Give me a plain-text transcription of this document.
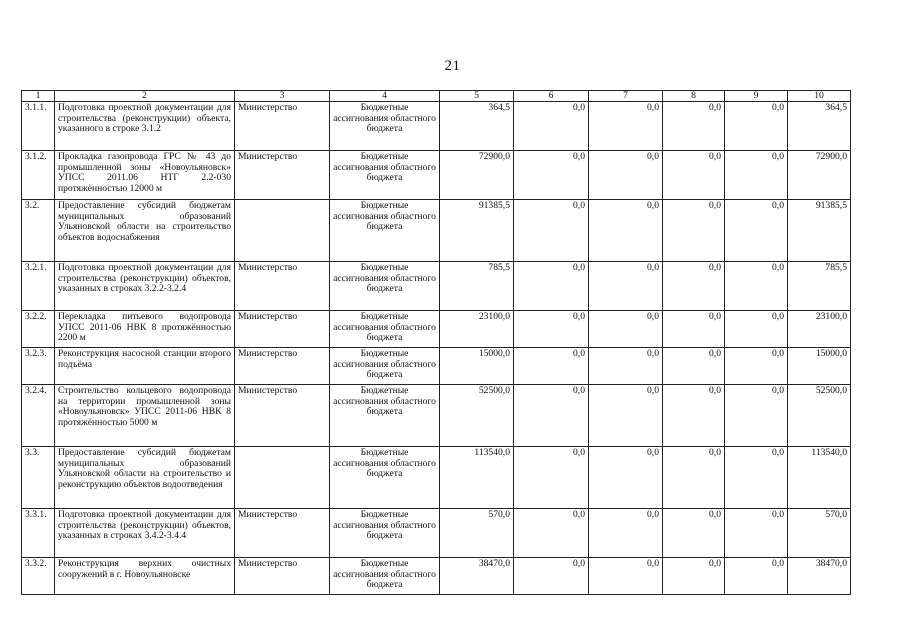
21
1	2	3	4	5	6	7	8	9	10
3.1.1.	Подготовка проектной документации для строительства (реконструкции) объекта, указанного в строке 3.1.2	Министерство	Бюджетные ассигнования областного бюджета	364,5	0,0	0,0	0,0	0,0	364,5
3.1.2.	Прокладка газопровода ГРС № 43 до промышленной зоны «Новоульяновск» УПСС 2011.06 НТГ 2.2-030 протяжённостью 12000 м	Министерство	Бюджетные ассигнования областного бюджета	72900,0	0,0	0,0	0,0	0,0	72900,0
3.2.	Предоставление субсидий бюджетам муниципальных образований Ульяновской области на строительство объектов водоснабжения		Бюджетные ассигнования областного бюджета	91385,5	0,0	0,0	0,0	0,0	91385,5
3.2.1.	Подготовка проектной документации для строительства (реконструкции) объектов, указанных в строках 3.2.2-3.2.4	Министерство	Бюджетные ассигнования областного бюджета	785,5	0,0	0,0	0,0	0,0	785,5
3.2.2.	Перекладка питьевого водопровода УПСС 2011-06 НВК 8 протяжённостью 2200 м	Министерство	Бюджетные ассигнования областного бюджета	23100,0	0,0	0,0	0,0	0,0	23100,0
3.2.3.	Реконструкция насосной станции второго подъёма	Министерство	Бюджетные ассигнования областного бюджета	15000,0	0,0	0,0	0,0	0,0	15000,0
3.2.4.	Строительство кольцевого водопровода на территории промышленной зоны «Новоульяновск» УПСС 2011-06 НВК 8 протяжённостью 5000 м	Министерство	Бюджетные ассигнования областного бюджета	52500,0	0,0	0,0	0,0	0,0	52500,0
3.3.	Предоставление субсидий бюджетам муниципальных образований Ульяновской области на строительство и реконструкцию объектов водоотведения		Бюджетные ассигнования областного бюджета	113540,0	0,0	0,0	0,0	0,0	113540,0
3.3.1.	Подготовка проектной документации для строительства (реконструкции) объектов, указанных в строках 3.4.2-3.4.4	Министерство	Бюджетные ассигнования областного бюджета	570,0	0,0	0,0	0,0	0,0	570,0
3.3.2.	Реконструкция верхних очистных сооружений в г. Новоульяновске	Министерство	Бюджетные ассигнования областного бюджета	38470,0	0,0	0,0	0,0	0,0	38470,0
